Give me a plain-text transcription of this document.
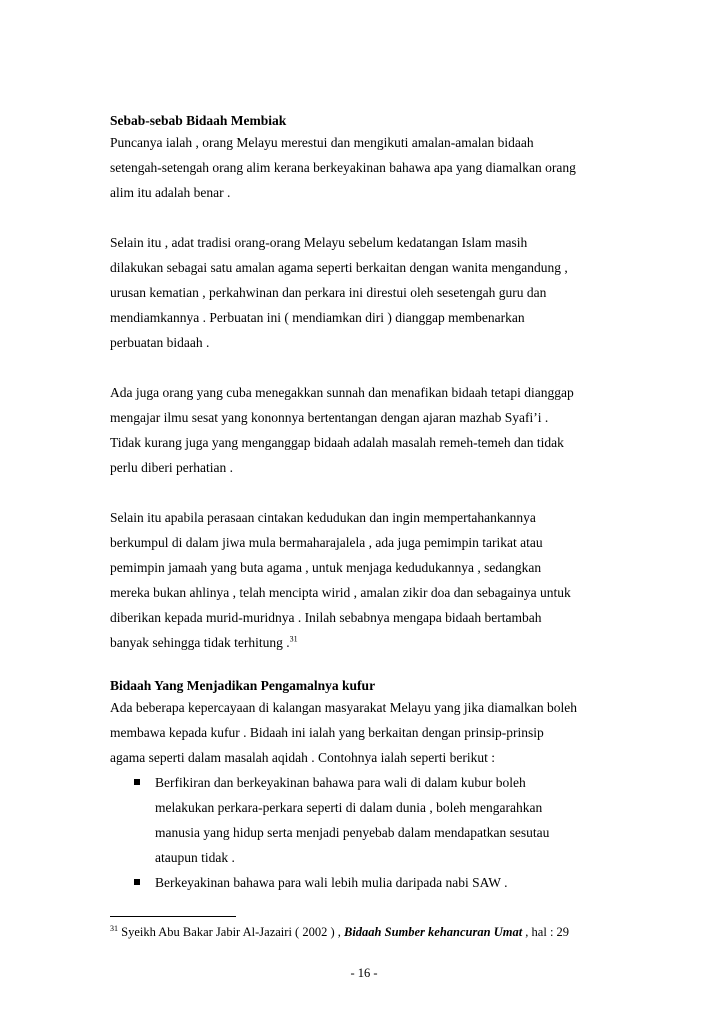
Sebab-sebab Bidaah Membiak

Puncanya ialah , orang Melayu merestui dan mengikuti amalan-amalan bidaah
setengah-setengah orang alim kerana berkeyakinan bahawa apa yang diamalkan orang
alim itu adalah benar .

Selain itu , adat tradisi orang-orang Melayu sebelum kedatangan Islam masih
dilakukan sebagai satu amalan agama seperti berkaitan dengan wanita mengandung ,
urusan kematian , perkahwinan dan perkara ini direstui oleh sesetengah guru dan
mendiamkannya . Perbuatan ini ( mendiamkan diri ) dianggap membenarkan
perbuatan bidaah .

Ada juga orang yang cuba menegakkan sunnah dan menafikan bidaah tetapi dianggap
mengajar ilmu sesat yang kononnya bertentangan dengan ajaran mazhab Syafi’i .
Tidak kurang juga yang menganggap bidaah adalah masalah remeh-temeh dan tidak
perlu diberi perhatian .

Selain itu apabila perasaan cintakan kedudukan dan ingin mempertahankannya
berkumpul di dalam jiwa mula bermaharajalela , ada juga pemimpin tarikat atau
pemimpin jamaah yang buta agama , untuk menjaga kedudukannya , sedangkan
mereka bukan ahlinya , telah mencipta wirid , amalan zikir doa dan sebagainya untuk
diberikan kepada murid-muridnya . Inilah sebabnya mengapa bidaah bertambah
banyak sehingga tidak terhitung .$^{31}$

Bidaah Yang Menjadikan Pengamalnya kufur

Ada beberapa kepercayaan di kalangan masyarakat Melayu yang jika diamalkan boleh
membawa kepada kufur . Bidaah ini ialah yang berkaitan dengan prinsip-prinsip
agama seperti dalam masalah aqidah . Contohnya ialah seperti berikut :

Berfikiran dan berkeyakinan bahawa para wali di dalam kubur boleh
melakukan perkara-perkara seperti di dalam dunia , boleh mengarahkan
manusia yang hidup serta menjadi penyebab dalam mendapatkan sesutau
ataupun tidak .
Berkeyakinan bahawa para wali lebih mulia daripada nabi SAW .
$^{31}$ Syeikh Abu Bakar Jabir Al-Jazairi ( 2002 ) , Bidaah Sumber kehancuran Umat , hal : 29
- 16 -
